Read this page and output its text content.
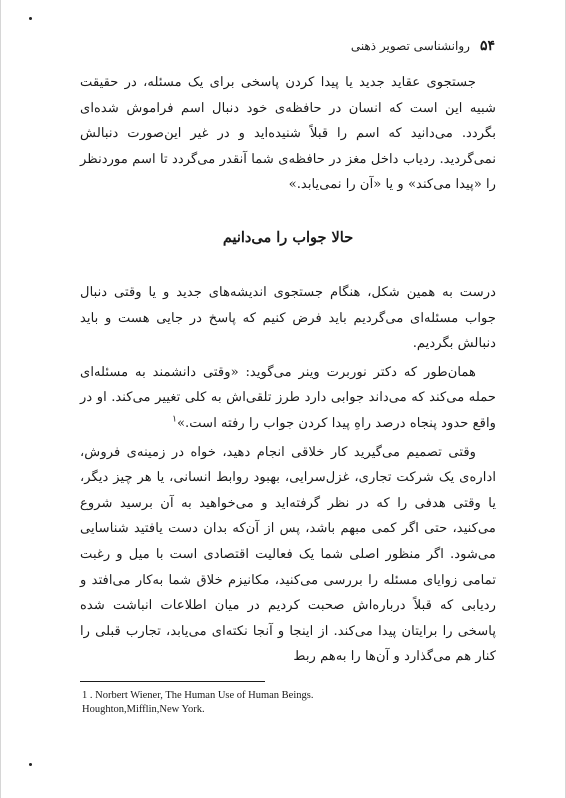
۵۴
روانشناسی تصویر ذهنی

جستجوی عقاید جدید یا پیدا کردن پاسخی برای یک مسئله، در حقیقت شبیه این است که انسان در حافظه‌ی خود دنبال اسم فراموش شده‌ای بگردد. می‌دانید که اسم را قبلاً شنیده‌اید و در غیر این‌صورت دنبالش نمی‌گردید. ردیاب داخل مغز در حافظه‌ی شما آنقدر می‌گردد تا اسم موردنظر را «پیدا می‌کند» و یا «آن را نمی‌یابد.»

حالا جواب را می‌دانیم

درست به همین شکل، هنگام جستجوی اندیشه‌های جدید و یا وقتی دنبال جواب مسئله‌ای می‌گردیم باید فرض کنیم که پاسخ در جایی هست و باید دنبالش بگردیم.

همان‌طور که دکتر نوربرت وینر می‌گوید: «وقتی دانشمند به مسئله‌ای حمله می‌کند که می‌داند جوابی دارد طرز تلقی‌اش به کلی تغییر می‌کند. او در واقع حدود پنجاه درصد راهِ پیدا کردن جواب را رفته است.»$^۱$

وقتی تصمیم می‌گیرید کار خلاقی انجام دهید، خواه در زمینه‌ی فروش، اداره‌ی یک شرکت تجاری، غزل‌سرایی، بهبود روابط انسانی، یا هر چیز دیگر، یا وقتی هدفی را که در نظر گرفته‌اید و می‌خواهید به آن برسید شروع می‌کنید، حتی اگر کمی مبهم باشد، پس از آن‌که بدان دست یافتید شناسایی می‌شود. اگر منظور اصلی شما یک فعالیت اقتصادی است با میل و رغبت تمامی زوایای مسئله را بررسی می‌کنید، مکانیزم خلاق شما به‌کار می‌افتد و ردیابی که قبلاً درباره‌اش صحبت کردیم در میان اطلاعات انباشت شده پاسخی را برایتان پیدا می‌کند. از اینجا و آنجا نکته‌ای می‌یابد، تجارب قبلی را کنار هم می‌گذارد و آن‌ها را به‌هم ربط

1 . Norbert Wiener, The Human Use of Human Beings.
Houghton,Mifflin,New York.
